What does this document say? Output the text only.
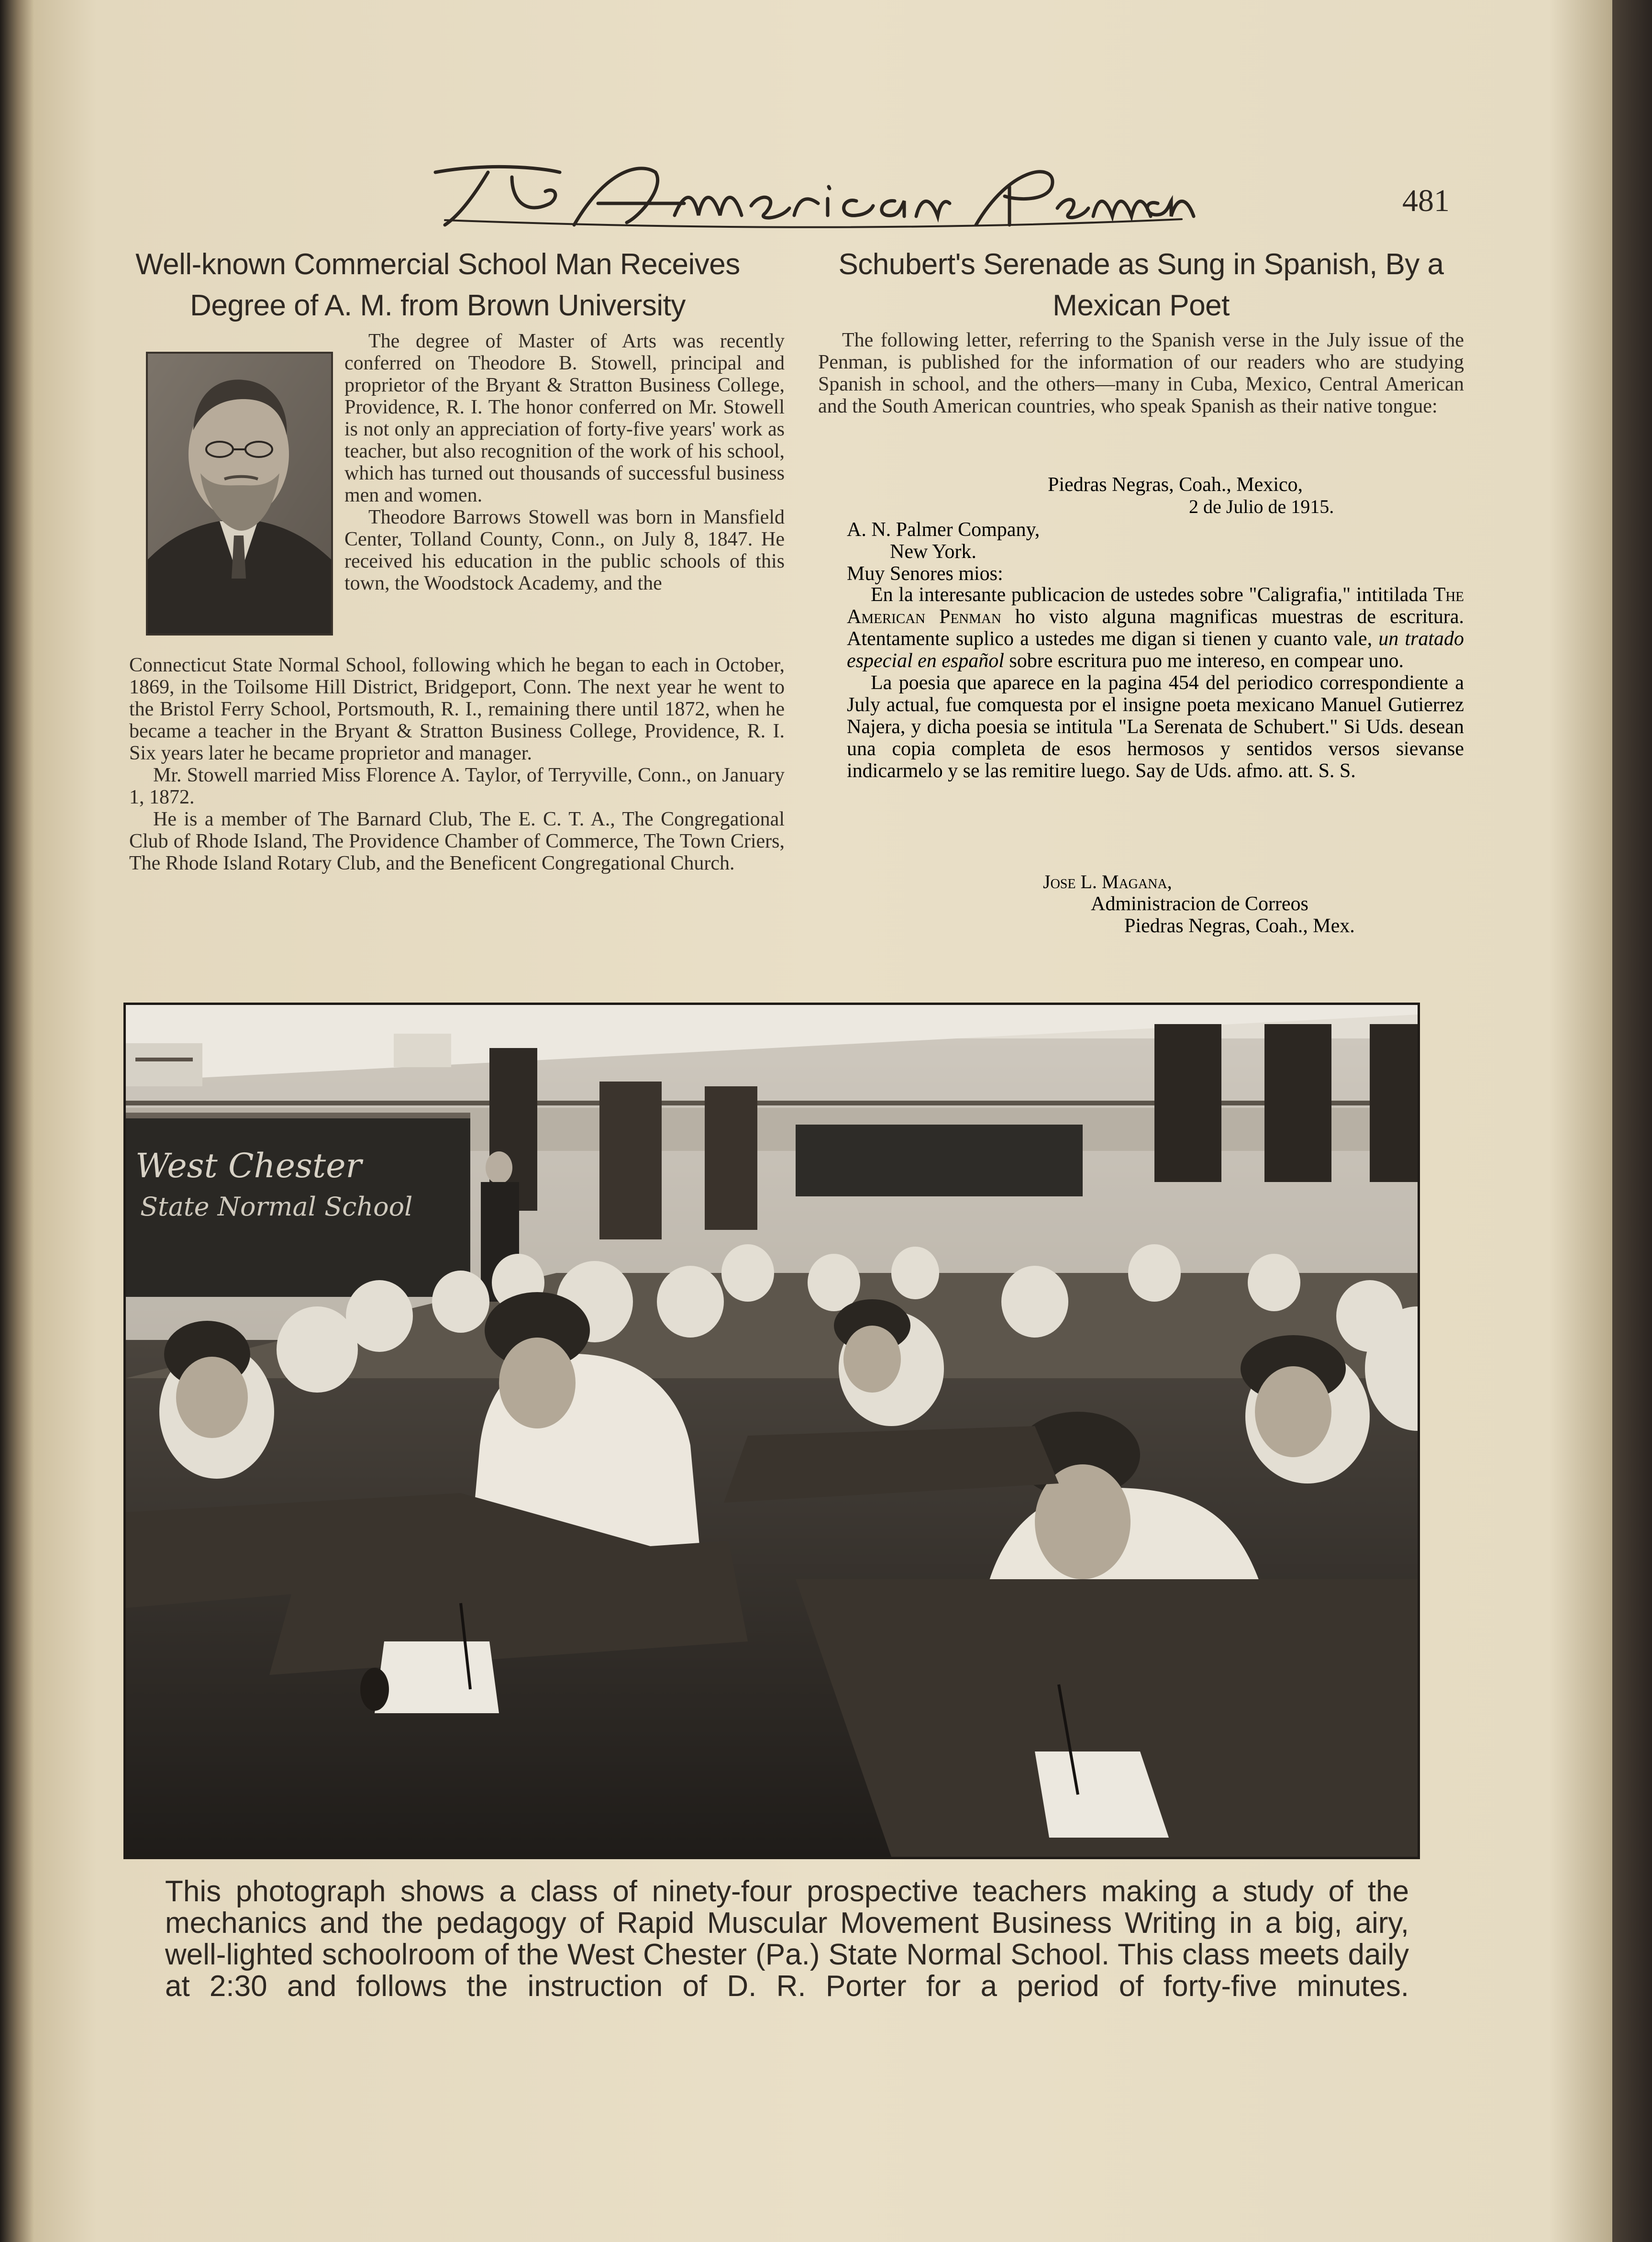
481
Well-known Commercial School Man Receives Degree of A. M. from Brown University

The degree of Master of Arts was recently conferred on Theodore B. Stowell, principal and proprietor of the Bryant & Stratton Business College, Providence, R. I. The honor conferred on Mr. Stowell is not only an appreciation of forty-five years' work as teacher, but also recognition of the work of his school, which has turned out thousands of successful business men and women.

Theodore Barrows Stowell was born in Mansfield Center, Tolland County, Conn., on July 8, 1847. He received his education in the public schools of this town, the Woodstock Academy, and the

Connecticut State Normal School, following which he began to each in October, 1869, in the Toilsome Hill District, Bridgeport, Conn. The next year he went to the Bristol Ferry School, Portsmouth, R. I., remaining there until 1872, when he became a teacher in the Bryant & Stratton Business College, Providence, R. I. Six years later he became proprietor and manager.

Mr. Stowell married Miss Florence A. Taylor, of Terryville, Conn., on January 1, 1872.

He is a member of The Barnard Club, The E. C. T. A., The Congregational Club of Rhode Island, The Providence Chamber of Commerce, The Town Criers, The Rhode Island Rotary Club, and the Beneficent Congregational Church.

Schubert's Serenade as Sung in Spanish, By a Mexican Poet

The following letter, referring to the Spanish verse in the July issue of the Penman, is published for the information of our readers who are studying Spanish in school, and the others—many in Cuba, Mexico, Central American and the South American countries, who speak Spanish as their native tongue:

Piedras Negras, Coah., Mexico,
2 de Julio de 1915.
A. N. Palmer Company,
New York.
Muy Senores mios:

En la interesante publicacion de ustedes sobre "Caligrafia," intitilada The American Penman ho visto alguna magnificas muestras de escritura. Atentamente suplico a ustedes me digan si tienen y cuanto vale, un tratado especial en español sobre escritura puo me intereso, en compear uno.

La poesia que aparece en la pagina 454 del periodico correspondiente a July actual, fue comquesta por el insigne poeta mexicano Manuel Gutierrez Najera, y dicha poesia se intitula "La Serenata de Schubert." Si Uds. desean una copia completa de esos hermosos y sentidos versos sievanse indicarmelo y se las remitire luego. Say de Uds. afmo. att. S. S.

Jose L. Magana,
Administracion de Correos
Piedras Negras, Coah., Mex.
West Chester
State Normal School
This photograph shows a class of ninety-four prospective teachers making a study of the mechanics and the pedagogy of Rapid Muscular Movement Business Writing in a big, airy, well-lighted schoolroom of the West Chester (Pa.) State Normal School. This class meets daily at 2:30 and follows the instruction of D. R. Porter for a period of forty-five minutes.
